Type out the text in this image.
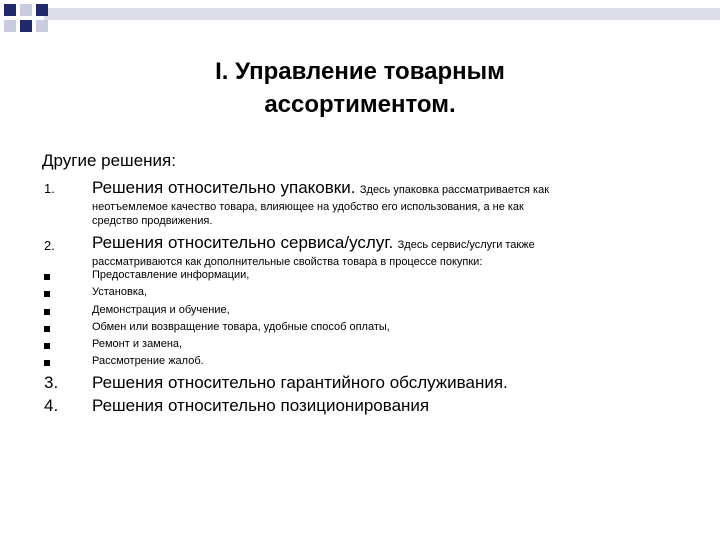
I. Управление товарным
ассортиментом.
Другие решения:
1. Решения относительно упаковки. Здесь упаковка рассматривается как
неотъемлемое качество товара, влияющее на удобство его использования, а не как
средство продвижения.
2. Решения относительно сервиса/услуг. Здесь сервис/услуги также
рассматриваются как дополнительные свойства товара в процессе покупки:
Предоставление информации,
Установка,
Демонстрация и обучение,
Обмен или возвращение товара, удобные способ оплаты,
Ремонт и замена,
Рассмотрение жалоб.
3. Решения относительно гарантийного обслуживания.
4. Решения относительно позиционирования
